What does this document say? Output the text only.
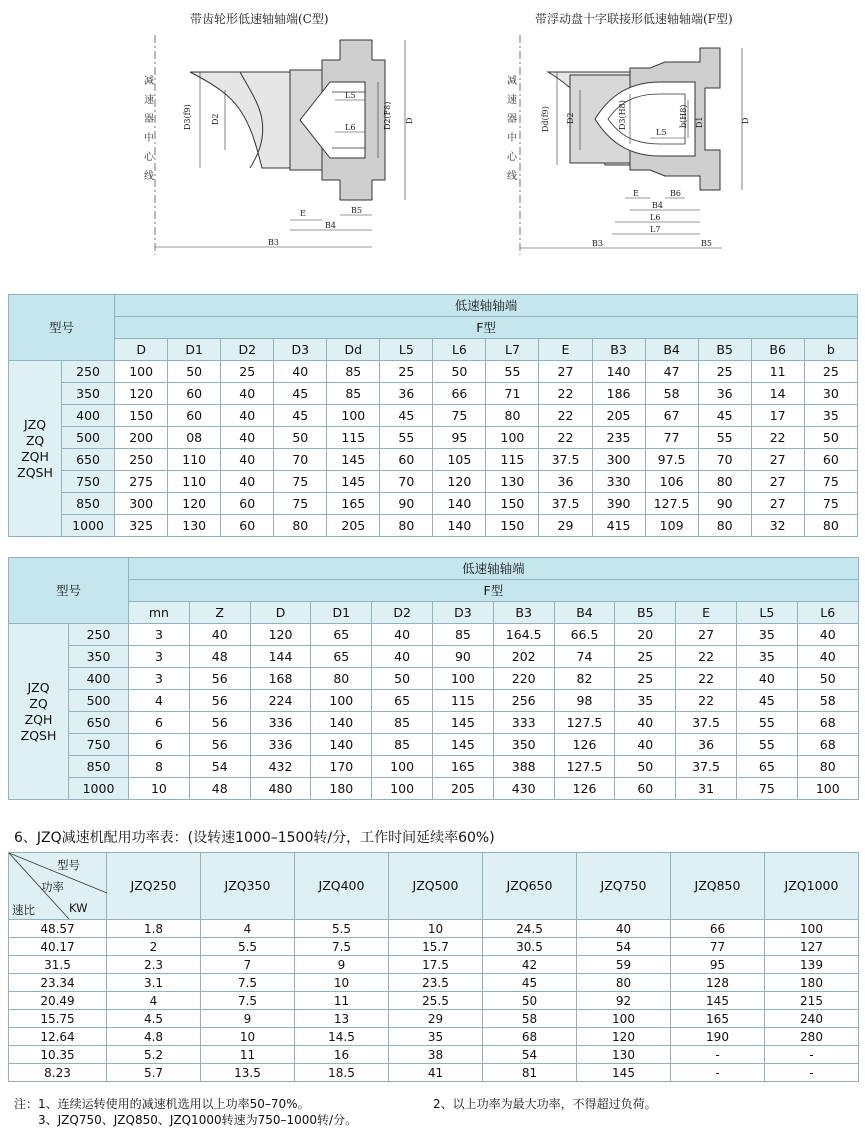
带齿轮形低速轴轴端(C型)	带浮动盘十字联接形低速轴轴端(F型)
减
速
器
中
心
线
减
速
器
中
心
线
D3(f9) D2
L5
L6	D2(F8) D
E	B5
B4
B3
Dd(f9) D2	D3(H8)	b(H8) D1
L5
D
E	B6
B4
L6
L7
B3	B5
型号		低速轴轴端													
		F型													
		D	D1	D2	D3	Dd	L5	L6	L7	E	B3	B4	B5	B6	b

JZQ
ZQ
ZQH
ZQSH	250	100	50	25	40	85	25	50	55	27	140	47	25	11	25
	350	120	60	40	45	85	36	66	71	22	186	58	36	14	30
	400	150	60	40	45	100	45	75	80	22	205	67	45	17	35
	500	200	08	40	50	115	55	95	100	22	235	77	55	22	50
	650	250	110	40	70	145	60	105	115	37.5	300	97.5	70	27	60
	750	275	110	40	75	145	70	120	130	36	330	106	80	27	75
	850	300	120	60	75	165	90	140	150	37.5	390	127.5	90	27	75
	1000	325	130	60	80	205	80	140	150	29	415	109	80	32	80
型号		低速轴轴端											
		F型											
		mn	Z	D	D1	D2	D3	B3	B4	B5	E	L5	L6

JZQ
ZQ
ZQH
ZQSH	250	3	40	120	65	40	85	164.5	66.5	20	27	35	40
	350	3	48	144	65	40	90	202	74	25	22	35	40
	400	3	56	168	80	50	100	220	82	25	22	40	50
	500	4	56	224	100	65	115	256	98	35	22	45	58
	650	6	56	336	140	85	145	333	127.5	40	37.5	55	68
	750	6	56	336	140	85	145	350	126	40	36	55	68
	850	8	54	432	170	100	165	388	127.5	50	37.5	65	80
	1000	10	48	480	180	100	205	430	126	60	31	75	100
6、JZQ减速机配用功率表：(设转速1000–1500转/分，工作时间延续率60%)
型号
功率
KW
速比	JZQ250	JZQ350	JZQ400	JZQ500	JZQ650	JZQ750	JZQ850	JZQ1000
48.57	1.8	4	5.5	10	24.5	40	66	100
40.17	2	5.5	7.5	15.7	30.5	54	77	127
31.5	2.3	7	9	17.5	42	59	95	139
23.34	3.1	7.5	10	23.5	45	80	128	180
20.49	4	7.5	11	25.5	50	92	145	215
15.75	4.5	9	13	29	58	100	165	240
12.64	4.8	10	14.5	35	68	120	190	280
10.35	5.2	11	16	38	54	130	-	-
8.23	5.7	13.5	18.5	41	81	145	-	-
注：1、连续运转使用的减速机选用以上功率50–70%。	2、以上功率为最大功率，不得超过负荷。
3、JZQ750、JZQ850、JZQ1000转速为750–1000转/分。
